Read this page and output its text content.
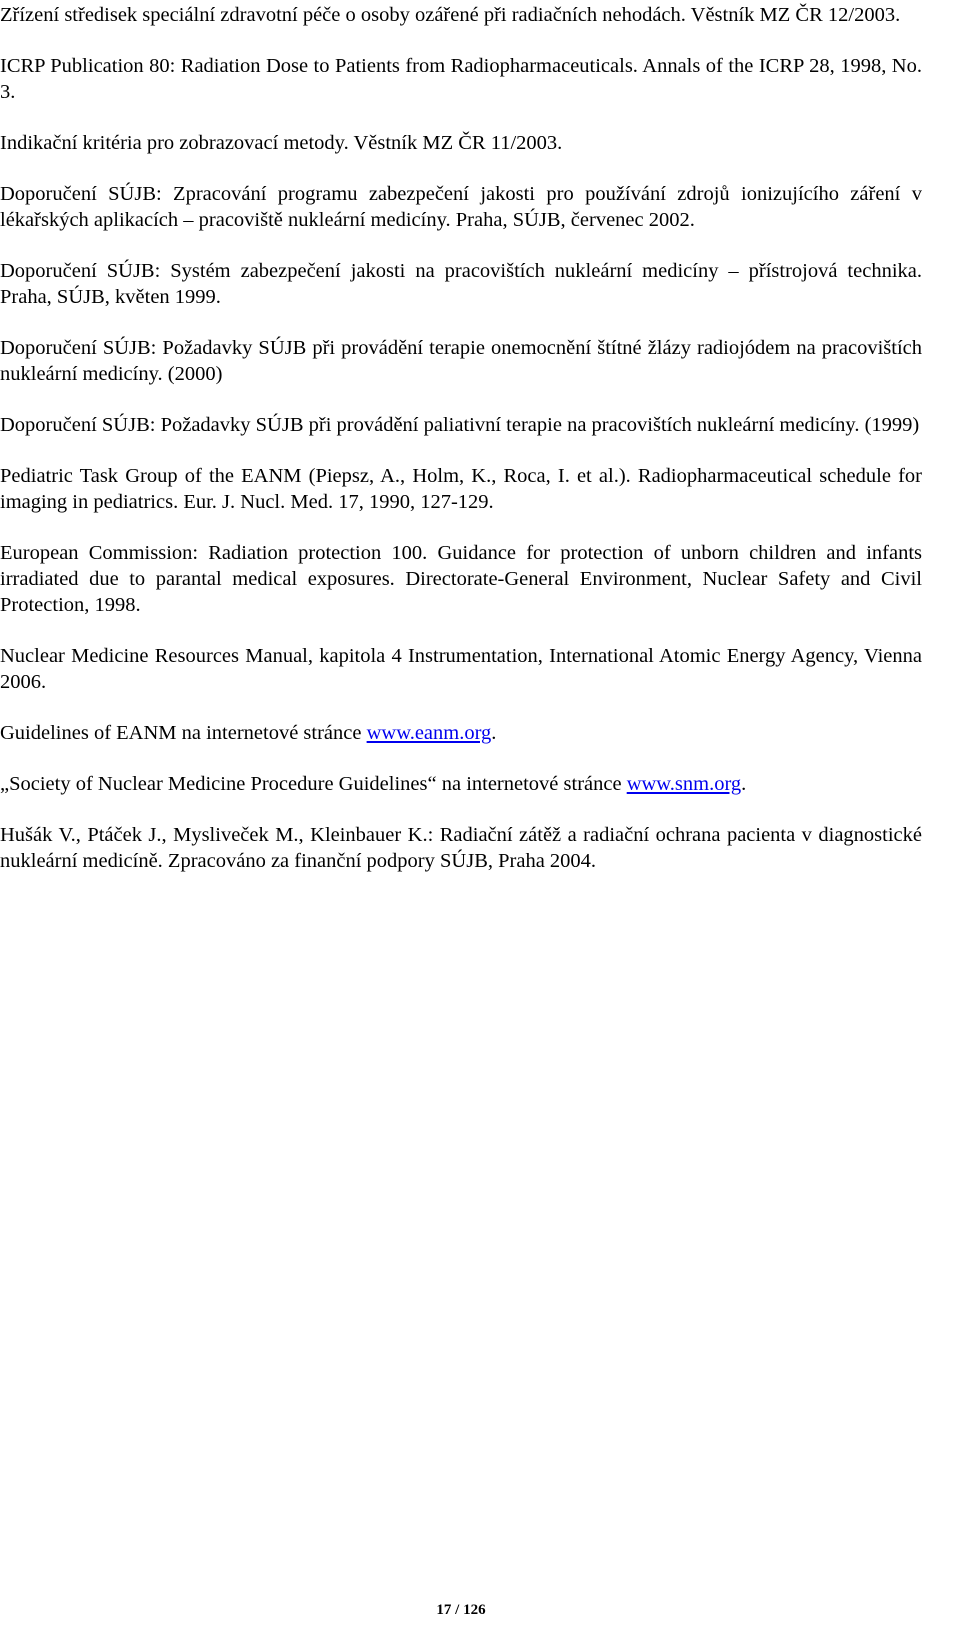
Zřízení středisek speciální zdravotní péče o osoby ozářené při radiačních nehodách. Věstník MZ ČR 12/2003.
ICRP Publication 80: Radiation Dose to Patients from Radiopharmaceuticals. Annals of the ICRP 28, 1998, No. 3.
Indikační kritéria pro zobrazovací metody. Věstník MZ ČR 11/2003.
Doporučení SÚJB: Zpracování programu zabezpečení jakosti pro používání zdrojů ionizujícího záření v lékařských aplikacích – pracoviště nukleární medicíny. Praha, SÚJB, červenec 2002.
Doporučení SÚJB: Systém zabezpečení jakosti na pracovištích nukleární medicíny – přístrojová technika. Praha, SÚJB, květen 1999.
Doporučení SÚJB: Požadavky SÚJB při provádění terapie onemocnění štítné žlázy radiojódem na pracovištích nukleární medicíny. (2000)
Doporučení SÚJB: Požadavky SÚJB při provádění paliativní terapie na pracovištích nukleární medicíny. (1999)
Pediatric Task Group of the EANM (Piepsz, A., Holm, K., Roca, I. et al.). Radiopharmaceutical schedule for imaging in pediatrics. Eur. J. Nucl. Med. 17, 1990, 127-129.
European Commission: Radiation protection 100. Guidance for protection of unborn children and infants irradiated due to parantal medical exposures. Directorate-General Environment, Nuclear Safety and Civil Protection, 1998.
Nuclear Medicine Resources Manual, kapitola 4 Instrumentation, International Atomic Energy Agency, Vienna 2006.
Guidelines of EANM na internetové stránce www.eanm.org.
„Society of Nuclear Medicine Procedure Guidelines“ na internetové stránce www.snm.org.
Hušák V., Ptáček J., Mysliveček M., Kleinbauer K.: Radiační zátěž a radiační ochrana pacienta v diagnostické nukleární medicíně. Zpracováno za finanční podpory SÚJB, Praha 2004.
17 / 126
